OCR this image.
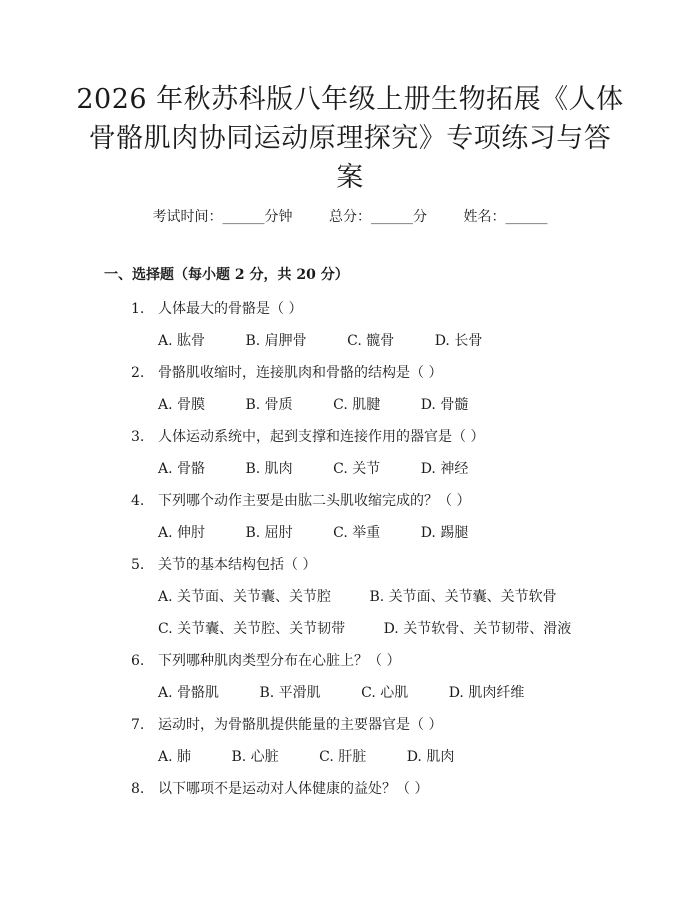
2026 年秋苏科版八年级上册生物拓展《人体
骨骼肌肉协同运动原理探究》专项练习与答
案
考试时间：______分钟	总分：______分	姓名：______
一、选择题（每小题 2 分，共 20 分）
1. 人体最大的骨骼是（ ）
A. 肱骨	B. 肩胛骨	C. 髋骨	D. 长骨
2. 骨骼肌收缩时，连接肌肉和骨骼的结构是（ ）
A. 骨膜	B. 骨质	C. 肌腱	D. 骨髓
3. 人体运动系统中，起到支撑和连接作用的器官是（ ）
A. 骨骼	B. 肌肉	C. 关节	D. 神经
4. 下列哪个动作主要是由肱二头肌收缩完成的？（ ）
A. 伸肘	B. 屈肘	C. 举重	D. 踢腿
5. 关节的基本结构包括（ ）
A. 关节面、关节囊、关节腔	B. 关节面、关节囊、关节软骨
C. 关节囊、关节腔、关节韧带	D. 关节软骨、关节韧带、滑液
6. 下列哪种肌肉类型分布在心脏上？（ ）
A. 骨骼肌	B. 平滑肌	C. 心肌	D. 肌肉纤维
7. 运动时，为骨骼肌提供能量的主要器官是（ ）
A. 肺	B. 心脏	C. 肝脏	D. 肌肉
8. 以下哪项不是运动对人体健康的益处？（ ）
